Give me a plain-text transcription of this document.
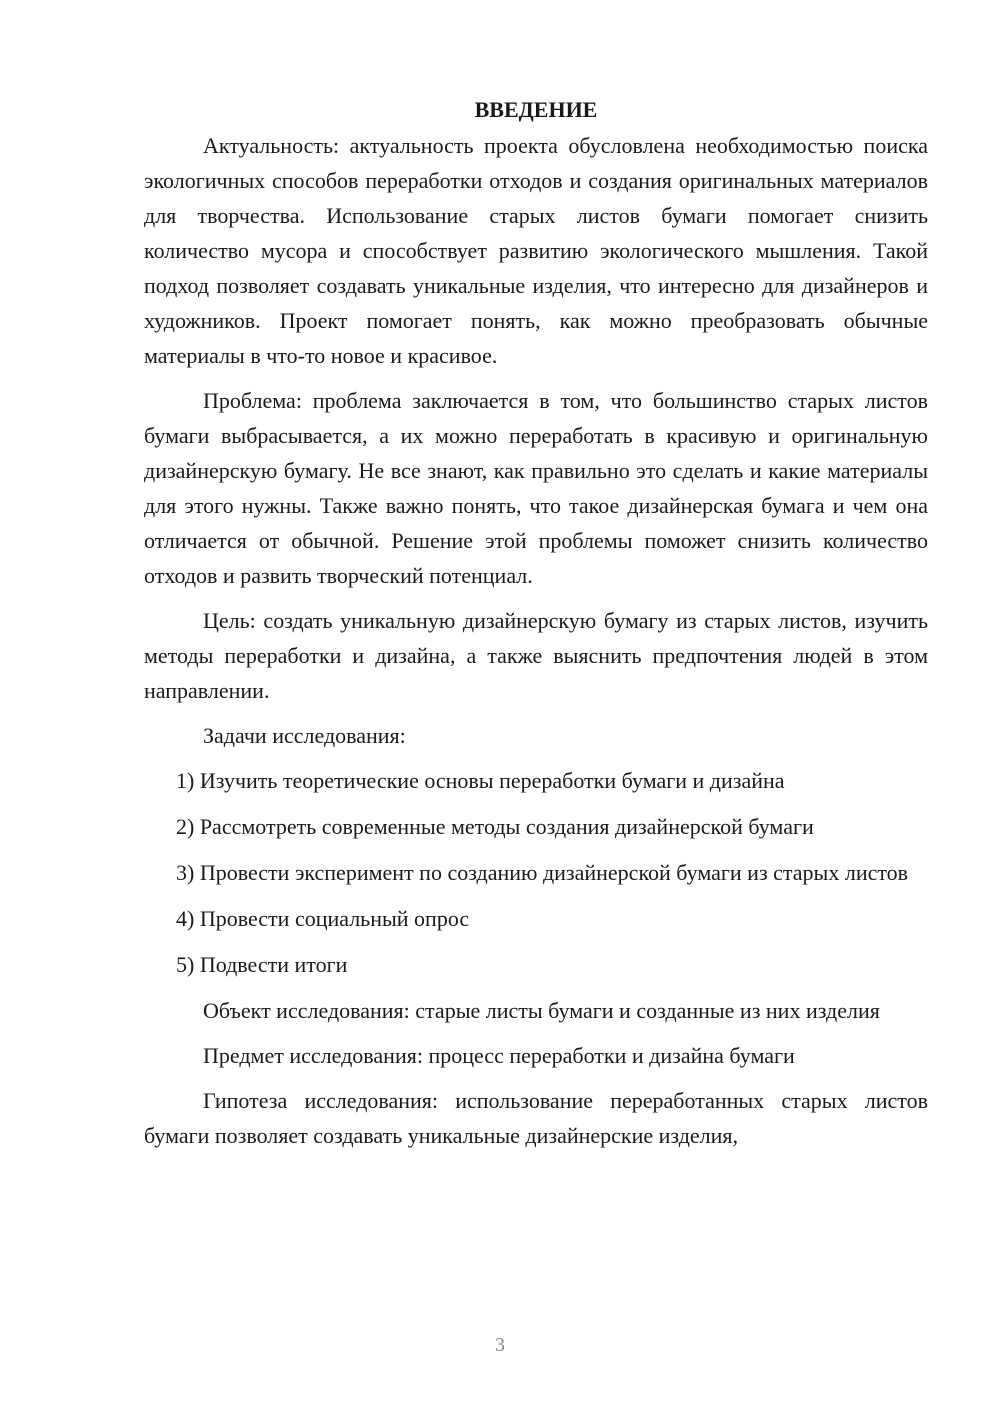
ВВЕДЕНИЕ

Актуальность: актуальность проекта обусловлена необходимостью поиска экологичных способов переработки отходов и создания оригинальных материалов для творчества. Использование старых листов бумаги помогает снизить количество мусора и способствует развитию экологического мышления. Такой подход позволяет создавать уникальные изделия, что интересно для дизайнеров и художников. Проект помогает понять, как можно преобразовать обычные материалы в что-то новое и красивое.

Проблема: проблема заключается в том, что большинство старых листов бумаги выбрасывается, а их можно переработать в красивую и оригинальную дизайнерскую бумагу. Не все знают, как правильно это сделать и какие материалы для этого нужны. Также важно понять, что такое дизайнерская бумага и чем она отличается от обычной. Решение этой проблемы поможет снизить количество отходов и развить творческий потенциал.

Цель: создать уникальную дизайнерскую бумагу из старых листов, изучить методы переработки и дизайна, а также выяснить предпочтения людей в этом направлении.

Задачи исследования:

1) Изучить теоретические основы переработки бумаги и дизайна

2) Рассмотреть современные методы создания дизайнерской бумаги

3) Провести эксперимент по созданию дизайнерской бумаги из старых листов

4) Провести социальный опрос

5) Подвести итоги

Объект исследования: старые листы бумаги и созданные из них изделия

Предмет исследования: процесс переработки и дизайна бумаги

Гипотеза исследования: использование переработанных старых листов бумаги позволяет создавать уникальные дизайнерские изделия,

3
